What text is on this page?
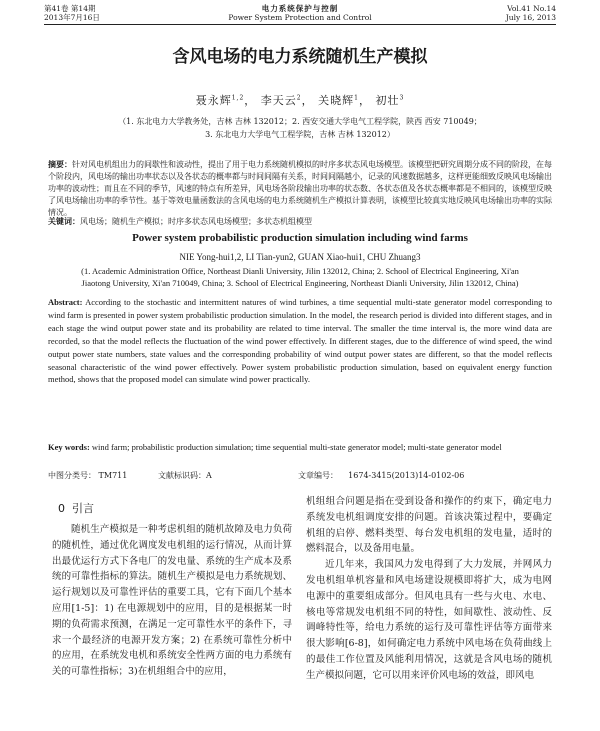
第41卷 第14期
2013年7月16日
电力系统保护与控制
Power System Protection and Control
Vol.41 No.14
July 16, 2013
含风电场的电力系统随机生产模拟
聂永辉$^{1,2}$， 李天云$^2$， 关晓辉$^1$， 初壮$^3$
（1. 东北电力大学教务处，吉林 吉林 132012；2. 西安交通大学电气工程学院，陕西 西安 710049；
3. 东北电力大学电气工程学院，吉林 吉林 132012）
摘要：针对风电机组出力的间歇性和波动性，提出了用于电力系统随机模拟的时序多状态风电场模型。该模型把研究周期分成不同的阶段，在每个阶段内，风电场的输出功率状态以及各状态的概率都与时间间隔有关系，时间间隔越小，记录的风速数据越多，这样更能细致反映风电场输出功率的波动性；而且在不同的季节，风速的特点有所差异，风电场各阶段输出功率的状态数、各状态值及各状态概率都是不相同的，该模型反映了风电场输出功率的季节性。基于等效电量函数法的含风电场的电力系统随机生产模拟计算表明，该模型比较真实地反映风电场输出功率的实际情况。
关键词：风电场；随机生产模拟；时序多状态风电场模型；多状态机组模型
Power system probabilistic production simulation including wind farms
NIE Yong-hui1,2, LI Tian-yun2, GUAN Xiao-hui1, CHU Zhuang3
(1. Academic Administration Office, Northeast Dianli University, Jilin 132012, China; 2. School of Electrical Engineering, Xi'an
Jiaotong University, Xi'an 710049, China; 3. School of Electrical Engineering, Northeast Dianli University, Jilin 132012, China)
Abstract: According to the stochastic and intermittent natures of wind turbines, a time sequential multi-state generator model corresponding to wind farm is presented in power system probabilistic production simulation. In the model, the research period is divided into different stages, and in each stage the wind output power state and its probability are related to time interval. The smaller the time interval is, the more wind data are recorded, so that the model reflects the fluctuation of the wind power effectively. In different stages, due to the difference of wind speed, the wind output power state numbers, state values and the corresponding probability of wind output power states are different, so that the model reflects seasonal characteristic of the wind power effectively. Power system probabilistic production simulation, based on equivalent energy function method, shows that the proposed model can simulate wind power practically.
Key words: wind farm; probabilistic production simulation; time sequential multi-state generator model; multi-state generator model
中图分类号： TM711	文献标识码：A	文章编号： 1674-3415(2013)14-0102-06
0 引言

随机生产模拟是一种考虑机组的随机故障及电力负荷的随机性，通过优化调度发电机组的运行情况，从而计算出最优运行方式下各电厂的发电量、系统的生产成本及系统的可靠性指标的算法。随机生产模拟是电力系统规划、运行规划以及可靠性评估的重要工具，它有下面几个基本应用[1-5]：1) 在电源规划中的应用，目的是根据某一时期的负荷需求预测，在满足一定可靠性水平的条件下，寻求一个最经济的电源开发方案；2) 在系统可靠性分析中的应用，在系统发电机和系统安全性两方面的电力系统有关的可靠性指标；3)在机组组合中的应用，

机组组合问题是指在受到设备和操作的约束下，确定电力系统发电机组调度安排的问题。首该决策过程中，要确定机组的启停、燃料类型、每台发电机组的发电量，适时的燃料混合，以及备用电量。

近几年来，我国风力发电得到了大力发展，并网风力发电机组单机容量和风电场建设规模即将扩大，成为电网电源中的重要组成部分。但风电具有一些与火电、水电、核电等常规发电机组不同的特性，如间歇性、波动性、反调峰特性等，给电力系统的运行及可靠性评估等方面带来很大影响[6-8]，如何确定电力系统中风电场在负荷曲线上的最佳工作位置及风能利用情况，这就是含风电场的随机生产模拟问题，它可以用来评价风电场的效益，即风电
